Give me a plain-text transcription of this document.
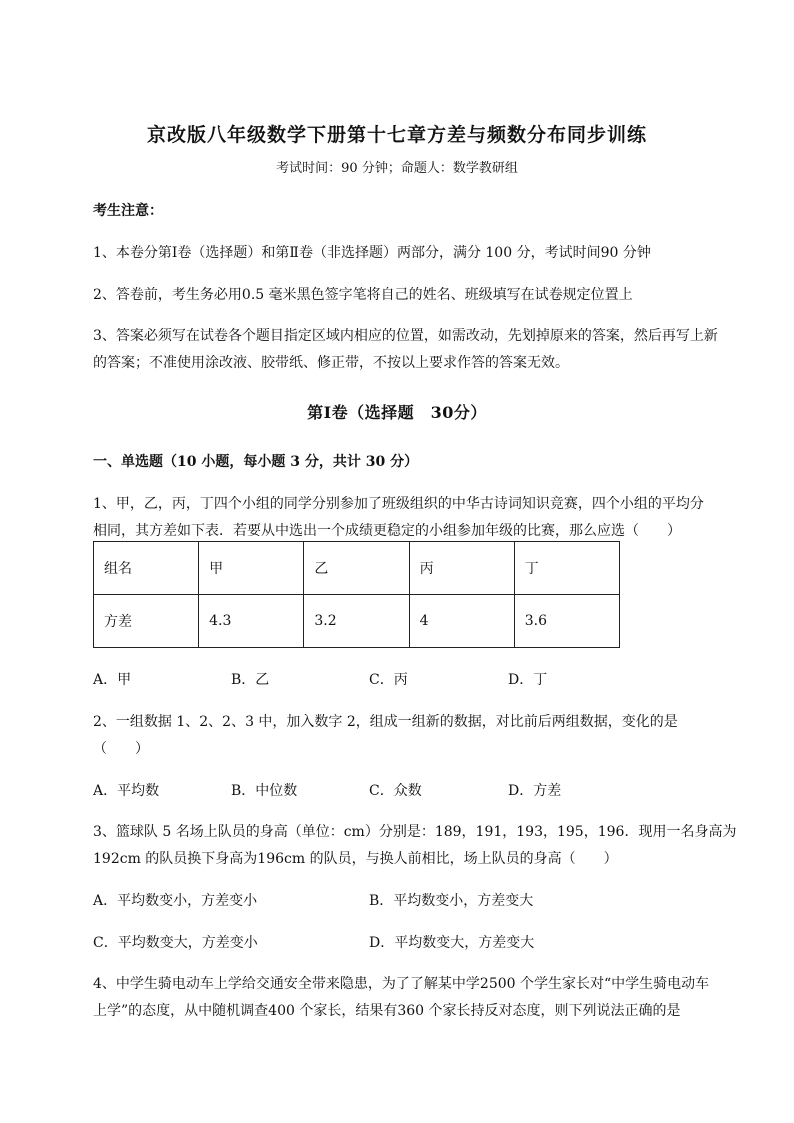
京改版八年级数学下册第十七章方差与频数分布同步训练
考试时间：90 分钟；命题人：数学教研组
考生注意：
1、本卷分第Ⅰ卷（选择题）和第Ⅱ卷（非选择题）两部分，满分 100 分，考试时间90 分钟
2、答卷前，考生务必用0.5 毫米黑色签字笔将自己的姓名、班级填写在试卷规定位置上
3、答案必须写在试卷各个题目指定区域内相应的位置，如需改动，先划掉原来的答案，然后再写上新
的答案；不准使用涂改液、胶带纸、修正带，不按以上要求作答的答案无效。
第Ⅰ卷（选择题　30分）
一、单选题（10 小题，每小题 3 分，共计 30 分）
1、甲，乙，丙，丁四个小组的同学分别参加了班级组织的中华古诗词知识竞赛，四个小组的平均分
相同，其方差如下表．若要从中选出一个成绩更稳定的小组参加年级的比赛，那么应选（　　）
组名	甲	乙	丙	丁
方差	4.3	3.2	4	3.6
A．甲	B．乙	C．丙	D．丁
2、一组数据 1、2、2、3 中，加入数字 2，组成一组新的数据，对比前后两组数据，变化的是
（　　）
A．平均数	B．中位数	C．众数	D．方差
3、篮球队 5 名场上队员的身高（单位：cm）分别是：189，191，193，195，196．现用一名身高为
192cm 的队员换下身高为196cm 的队员，与换人前相比，场上队员的身高（　　）
A．平均数变小，方差变小	B．平均数变小，方差变大
C．平均数变大，方差变小	D．平均数变大，方差变大
4、中学生骑电动车上学给交通安全带来隐患，为了了解某中学2500 个学生家长对“中学生骑电动车
上学”的态度，从中随机调查400 个家长，结果有360 个家长持反对态度，则下列说法正确的是
